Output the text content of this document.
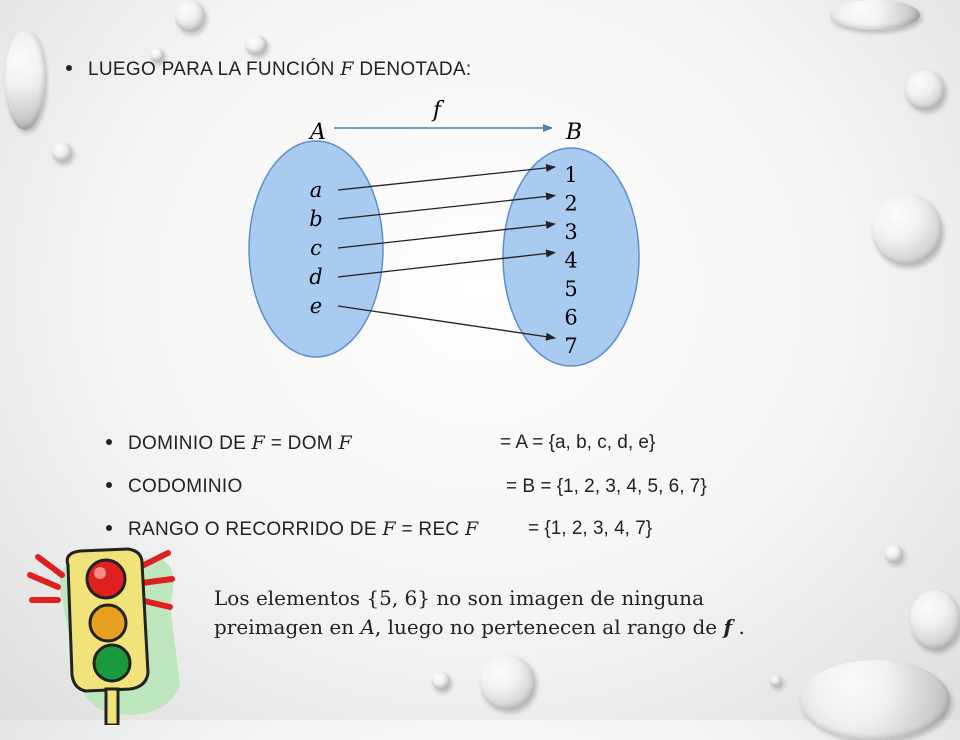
LUEGO PARA LA FUNCIÓN F DENOTADA:
f
A	B
a
b
c
d
e
1
2
3
4
5
6
7
DOMINIO DE F = DOM F	= A = {a, b, c, d, e}
CODOMINIO	= B = {1, 2, 3, 4, 5, 6, 7}
RANGO O RECORRIDO DE F = REC F	= {1, 2, 3, 4, 7}
Los elementos {5, 6} no son imagen de ninguna
preimagen en A, luego no pertenecen al rango de f .
